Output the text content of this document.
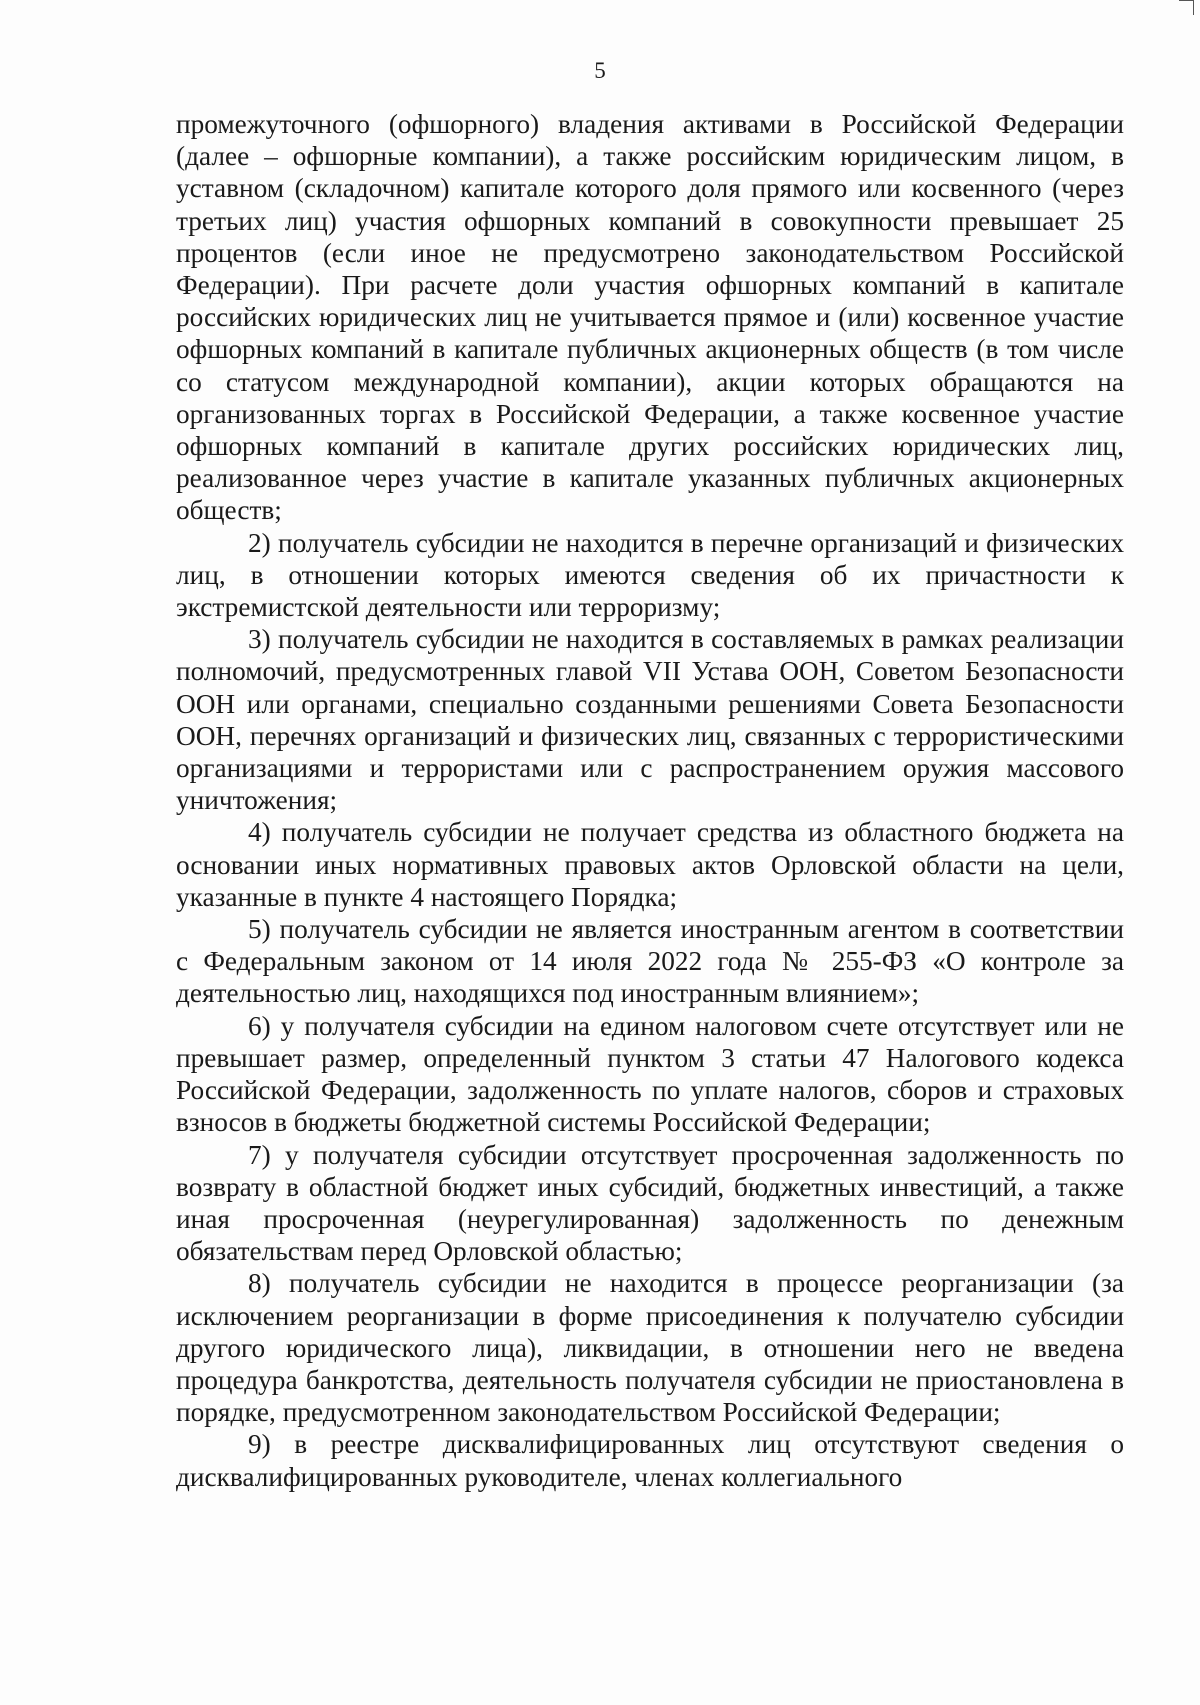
5

промежуточного (офшорного) владения активами в Российской Федерации (далее – офшорные компании), а также российским юридическим лицом, в уставном (складочном) капитале которого доля прямого или косвенного (через третьих лиц) участия офшорных компаний в совокупности превышает 25 процентов (если иное не предусмотрено законодательством Российской Федерации). При расчете доли участия офшорных компаний в капитале российских юридических лиц не учитывается прямое и (или) косвенное участие офшорных компаний в капитале публичных акционерных обществ (в том числе со статусом международной компании), акции которых обращаются на организованных торгах в Российской Федерации, а также косвенное участие офшорных компаний в капитале других российских юридических лиц, реализованное через участие в капитале указанных публичных акционерных обществ;

2) получатель субсидии не находится в перечне организаций и физических лиц, в отношении которых имеются сведения об их причастности к экстремистской деятельности или терроризму;

3) получатель субсидии не находится в составляемых в рамках реализации полномочий, предусмотренных главой VII Устава ООН, Советом Безопасности ООН или органами, специально созданными решениями Совета Безопасности ООН, перечнях организаций и физических лиц, связанных с террористическими организациями и террористами или с распространением оружия массового уничтожения;

4) получатель субсидии не получает средства из областного бюджета на основании иных нормативных правовых актов Орловской области на цели, указанные в пункте 4 настоящего Порядка;

5) получатель субсидии не является иностранным агентом в соответствии с Федеральным законом от 14 июля 2022 года № 255-ФЗ «О контроле за деятельностью лиц, находящихся под иностранным влиянием»;

6) у получателя субсидии на едином налоговом счете отсутствует или не превышает размер, определенный пунктом 3 статьи 47 Налогового кодекса Российской Федерации, задолженность по уплате налогов, сборов и страховых взносов в бюджеты бюджетной системы Российской Федерации;

7) у получателя субсидии отсутствует просроченная задолженность по возврату в областной бюджет иных субсидий, бюджетных инвестиций, а также иная просроченная (неурегулированная) задолженность по денежным обязательствам перед Орловской областью;

8) получатель субсидии не находится в процессе реорганизации (за исключением реорганизации в форме присоединения к получателю субсидии другого юридического лица), ликвидации, в отношении него не введена процедура банкротства, деятельность получателя субсидии не приостановлена в порядке, предусмотренном законодательством Российской Федерации;

9) в реестре дисквалифицированных лиц отсутствуют сведения о дисквалифицированных руководителе, членах коллегиального
